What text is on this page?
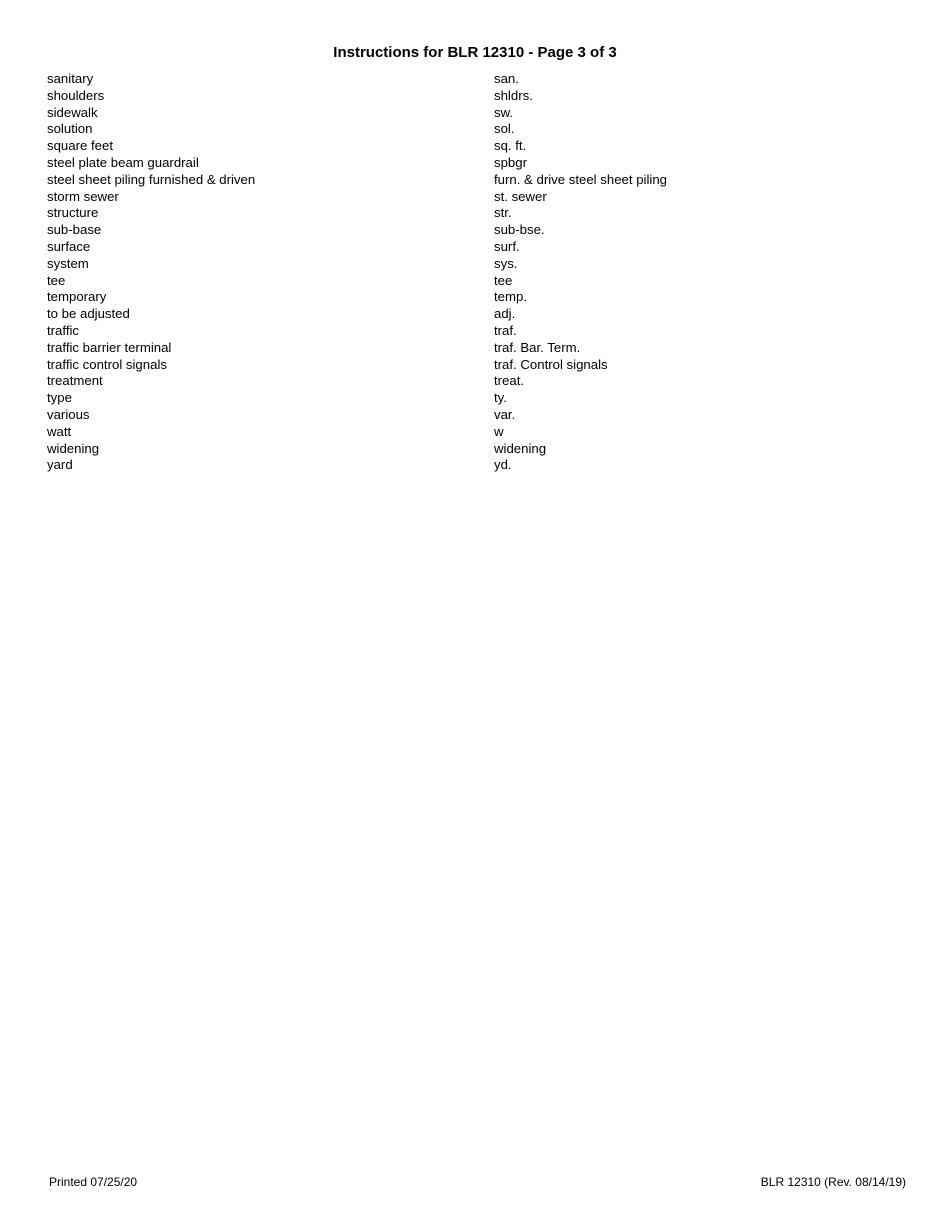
Instructions for BLR 12310 - Page 3 of 3
sanitary	san.
shoulders	shldrs.
sidewalk	sw.
solution	sol.
square feet	sq. ft.
steel plate beam guardrail	spbgr
steel sheet piling furnished & driven	furn. & drive steel sheet piling
storm sewer	st. sewer
structure	str.
sub-base	sub-bse.
surface	surf.
system	sys.
tee	tee
temporary	temp.
to be adjusted	adj.
traffic	traf.
traffic barrier terminal	traf. Bar. Term.
traffic control signals	traf. Control signals
treatment	treat.
type	ty.
various	var.
watt	w
widening	widening
yard	yd.
Printed 07/25/20	BLR 12310 (Rev. 08/14/19)
